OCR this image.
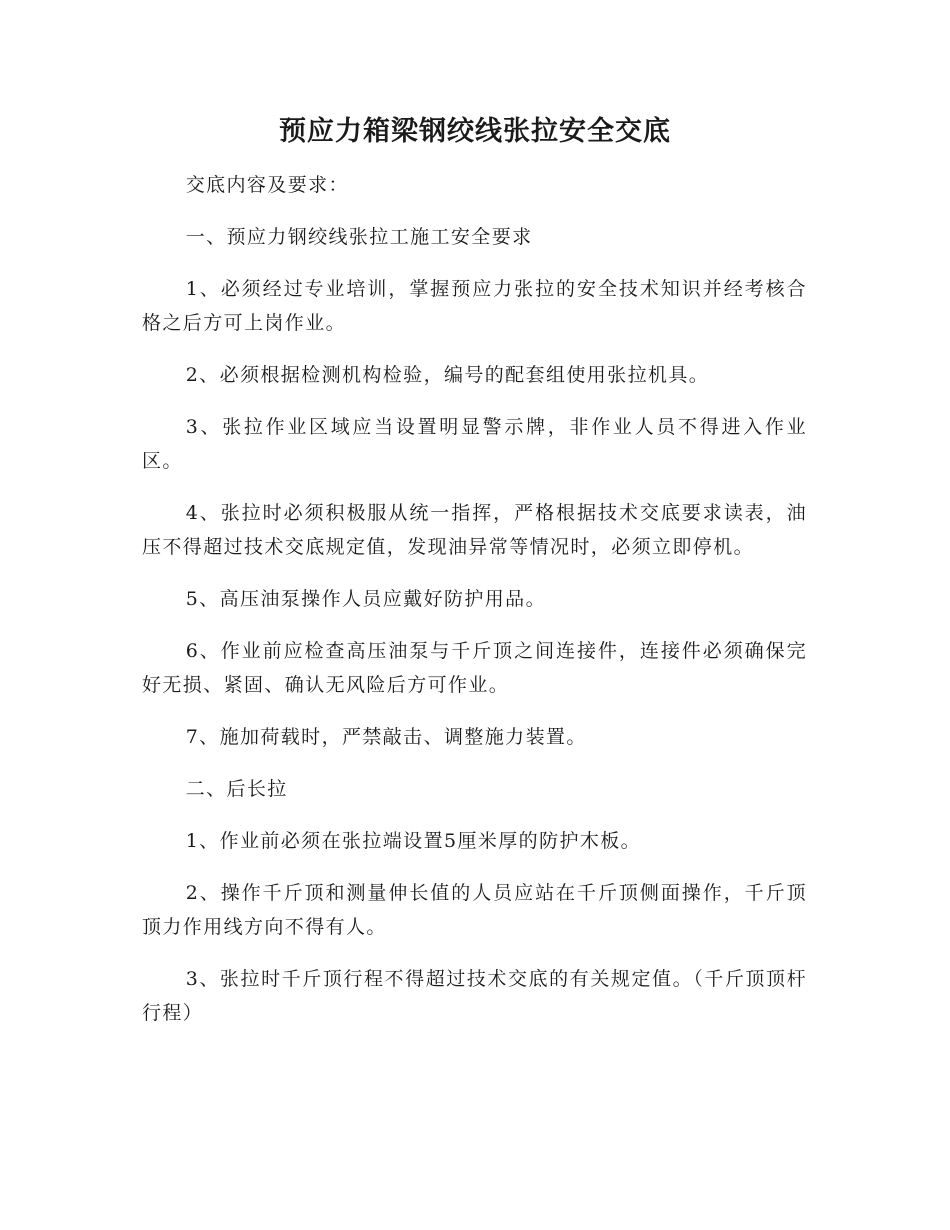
预应力箱梁钢绞线张拉安全交底

交底内容及要求：

一、预应力钢绞线张拉工施工安全要求

1、必须经过专业培训，掌握预应力张拉的安全技术知识并经考核合格之后方可上岗作业。

2、必须根据检测机构检验，编号的配套组使用张拉机具。

3、张拉作业区域应当设置明显警示牌，非作业人员不得进入作业区。

4、张拉时必须积极服从统一指挥，严格根据技术交底要求读表，油压不得超过技术交底规定值，发现油异常等情况时，必须立即停机。

5、高压油泵操作人员应戴好防护用品。

6、作业前应检查高压油泵与千斤顶之间连接件，连接件必须确保完好无损、紧固、确认无风险后方可作业。

7、施加荷载时，严禁敲击、调整施力装置。

二、后长拉

1、作业前必须在张拉端设置5厘米厚的防护木板。

2、操作千斤顶和测量伸长值的人员应站在千斤顶侧面操作，千斤顶顶力作用线方向不得有人。

3、张拉时千斤顶行程不得超过技术交底的有关规定值。（千斤顶顶杆行程）
